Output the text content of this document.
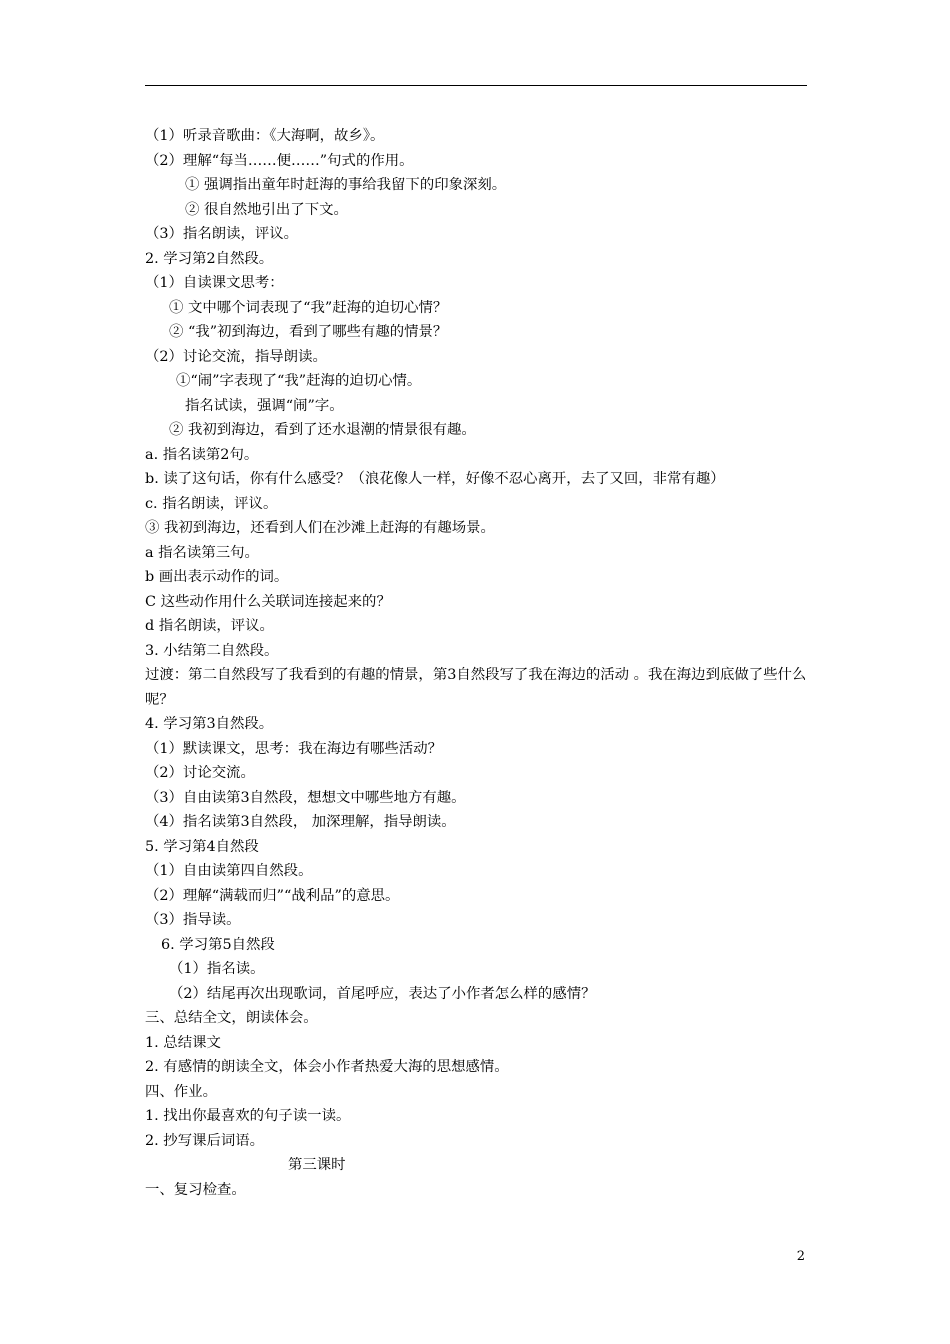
（1）听录音歌曲：《大海啊，故乡》。
（2）理解“每当……便……”句式的作用。
① 强调指出童年时赶海的事给我留下的印象深刻。
② 很自然地引出了下文。
（3）指名朗读，评议。
2. 学习第2自然段。
（1）自读课文思考：
① 文中哪个词表现了“我”赶海的迫切心情？
② “我”初到海边，看到了哪些有趣的情景？
（2）讨论交流，指导朗读。
①“闹”字表现了“我”赶海的迫切心情。
指名试读，强调“闹”字。
② 我初到海边，看到了还水退潮的情景很有趣。
a. 指名读第2句。
b. 读了这句话，你有什么感受？（浪花像人一样，好像不忍心离开，去了又回，非常有趣）
c. 指名朗读，评议。
③ 我初到海边，还看到人们在沙滩上赶海的有趣场景。
a 指名读第三句。
b 画出表示动作的词。
C 这些动作用什么关联词连接起来的？
d 指名朗读，评议。
3. 小结第二自然段。
过渡：第二自然段写了我看到的有趣的情景，第3自然段写了我在海边的活动 。我在海边到底做了些什么呢？
4. 学习第3自然段。
（1）默读课文，思考：我在海边有哪些活动？
（2）讨论交流。
（3）自由读第3自然段，想想文中哪些地方有趣。
（4）指名读第3自然段， 加深理解，指导朗读。
5. 学习第4自然段
（1）自由读第四自然段。
（2）理解“满载而归”“战利品”的意思。
（3）指导读。
6. 学习第5自然段
（1）指名读。
（2）结尾再次出现歌词，首尾呼应，表达了小作者怎么样的感情？
三、总结全文，朗读体会。
1. 总结课文
2. 有感情的朗读全文，体会小作者热爱大海的思想感情。
四、作业。
1. 找出你最喜欢的句子读一读。
2. 抄写课后词语。
第三课时
一、复习检查。
2
